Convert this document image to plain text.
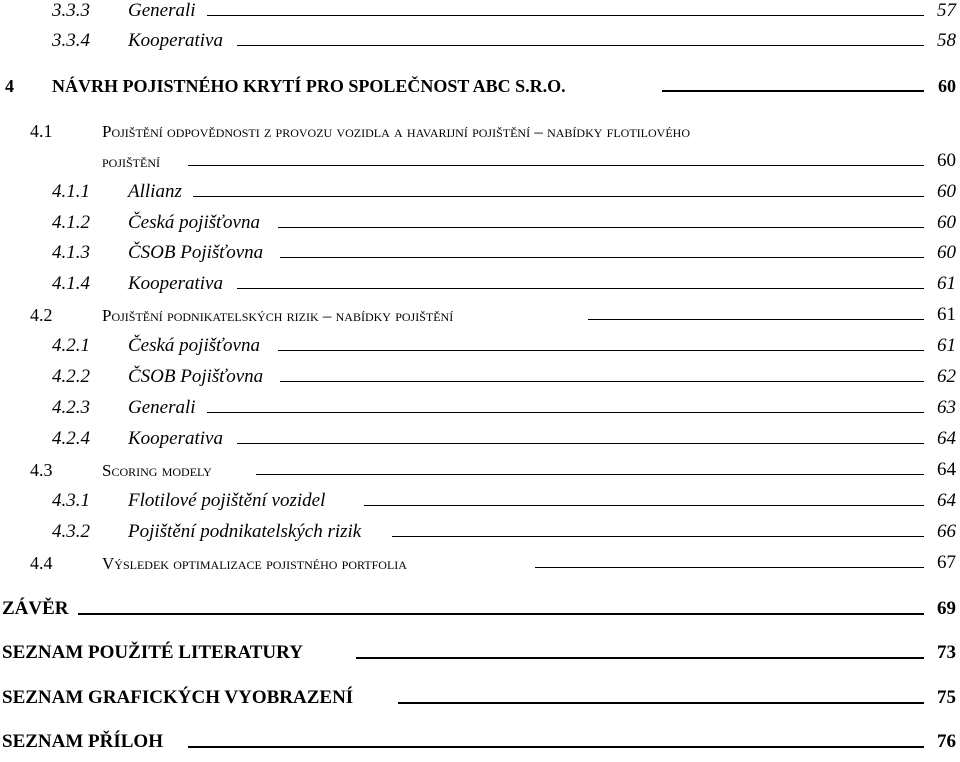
3.3.3 Generali	57
3.3.4 Kooperativa	58
4 NÁVRH POJISTNÉHO KRYTÍ PRO SPOLEČNOST ABC S.R.O.	60
4.1	Pojištění odpovědnosti z provozu vozidla a havarijní pojištění – nabídky flotilového
pojištění	60
4.1.1 Allianz	60
4.1.2 Česká pojišťovna	60
4.1.3 ČSOB Pojišťovna	60
4.1.4 Kooperativa	61
4.2	Pojištění podnikatelských rizik – nabídky pojištění	61
4.2.1 Česká pojišťovna	61
4.2.2 ČSOB Pojišťovna	62
4.2.3 Generali	63
4.2.4 Kooperativa	64
4.3	Scoring modely	64
4.3.1 Flotilové pojištění vozidel	64
4.3.2 Pojištění podnikatelských rizik	66
4.4	Výsledek optimalizace pojistného portfolia	67
ZÁVĚR	69
SEZNAM POUŽITÉ LITERATURY	73
SEZNAM GRAFICKÝCH VYOBRAZENÍ	75
SEZNAM PŘÍLOH	76
